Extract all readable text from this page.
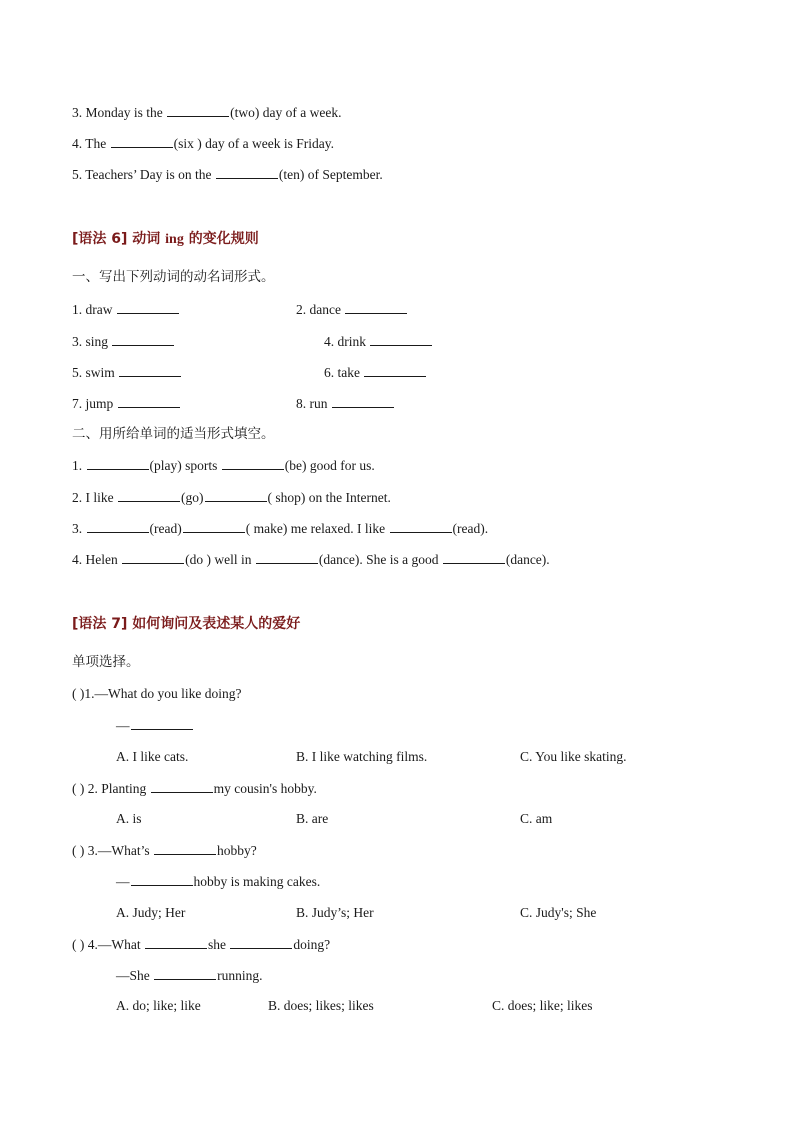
3. Monday is the	(two) day of a week.
4. The	(six ) day of a week is Friday.
5. Teachers’ Day is on the	(ten) of September.
[语法 6] 动词 ing 的变化规则
一、写出下列动词的动名词形式。
1. draw	2. dance
3. sing	4. drink
5. swim	6. take
7. jump	8. run
二、用所给单词的适当形式填空。
1.	(play) sports	(be) good for us.
2. I like	(go)	( shop) on the Internet.
3.	(read)	( make) me relaxed. I like	(read).
4. Helen	(do ) well in	(dance). She is a good	(dance).
[语法 7] 如何询问及表述某人的爱好
单项选择。
( )1.—What do you like doing?
—
A. I like cats.	B. I like watching films.	C. You like skating.
( ) 2. Planting	my cousin's hobby.
A. is	B. are	C. am
( ) 3.—What’s	hobby?
—	hobby is making cakes.
A. Judy; Her	B. Judy’s; Her	C. Judy's; She
( ) 4.—What	she	doing?
—She	running.
A. do; like; like	B. does; likes; likes	C. does; like; likes
